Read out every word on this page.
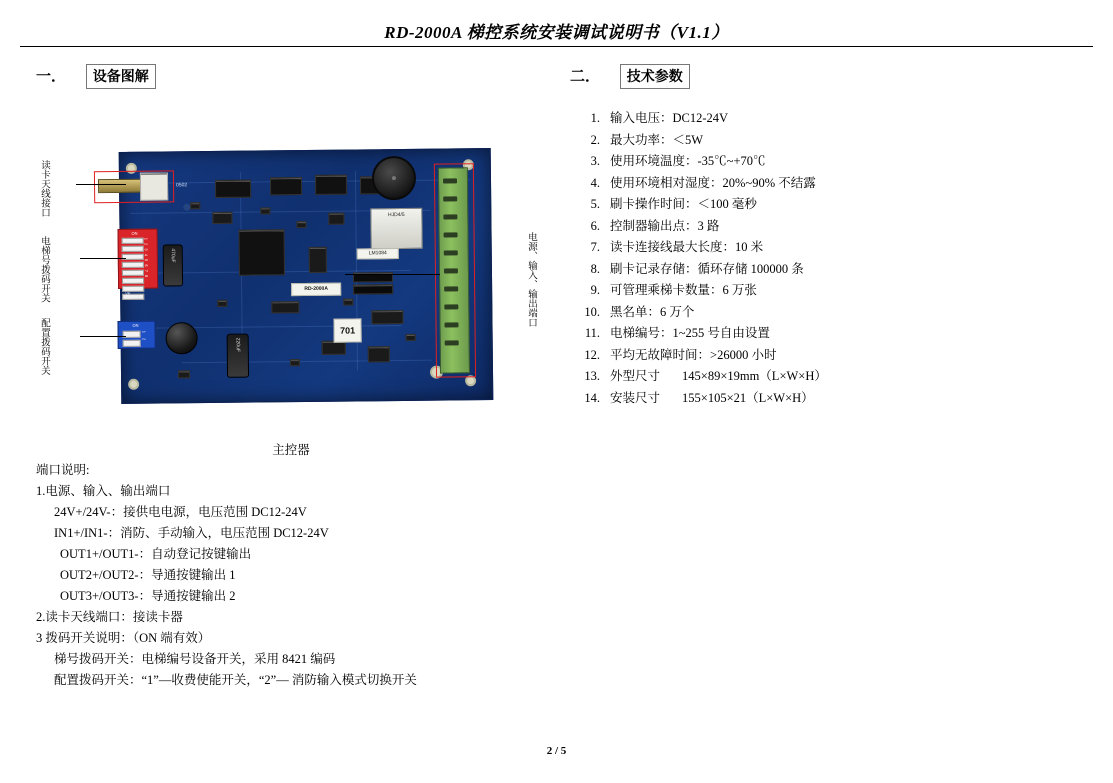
RD-2000A 梯控系统安装调试说明书（V1.1）
一． 设备图解	二． 技术参数
1. 输入电压： DC12-24V
2. 最大功率： ＜5W
3. 使用环境温度 ：-35℃~+70℃
4. 使用环境相对湿度： 20%~90% 不结露
5. 刷卡操作时间： ＜100 毫秒
6. 控制器输出点： 3 路
7. 读卡连接线最大长度 ：10 米
8. 刷卡记录存储： 循环存储 100000 条
9. 可管理乘梯卡数量： 6 万张
10. 黑名单： 6 万个
11. 电梯编号： 1~255 号自由设置
12. 平均无故障时间： >26000 小时
13. 外型尺寸 145×89×19mm（L×W×H）
14. 安装尺寸 155×105×21（L×W×H）
0502
ON
1 2 3 4 5 6 7 8
VE
ON
1 2
470uF
220uF
HJD4/5
LM1084
RD-2000A
701
读卡天线接口
电梯号拨码开关
配置拨码开关
电源、输入、输出端口
主控器
端口说明:
1.电源、输入、输出端口
24V+/24V-：接供电电源，电压范围 DC12-24V
IN1+/IN1-：消防、手动输入，电压范围 DC12-24V
OUT1+/OUT1-：自动登记按键输出
OUT2+/OUT2-：导通按键输出 1
OUT3+/OUT3-：导通按键输出 2
2.读卡天线端口：接读卡器
3 拨码开关说明：（ON 端有效）
梯号拨码开关：电梯编号设备开关，采用 8421 编码
配置拨码开关：“1”—收费使能开关，“2”— 消防输入模式切换开关
2 / 5
